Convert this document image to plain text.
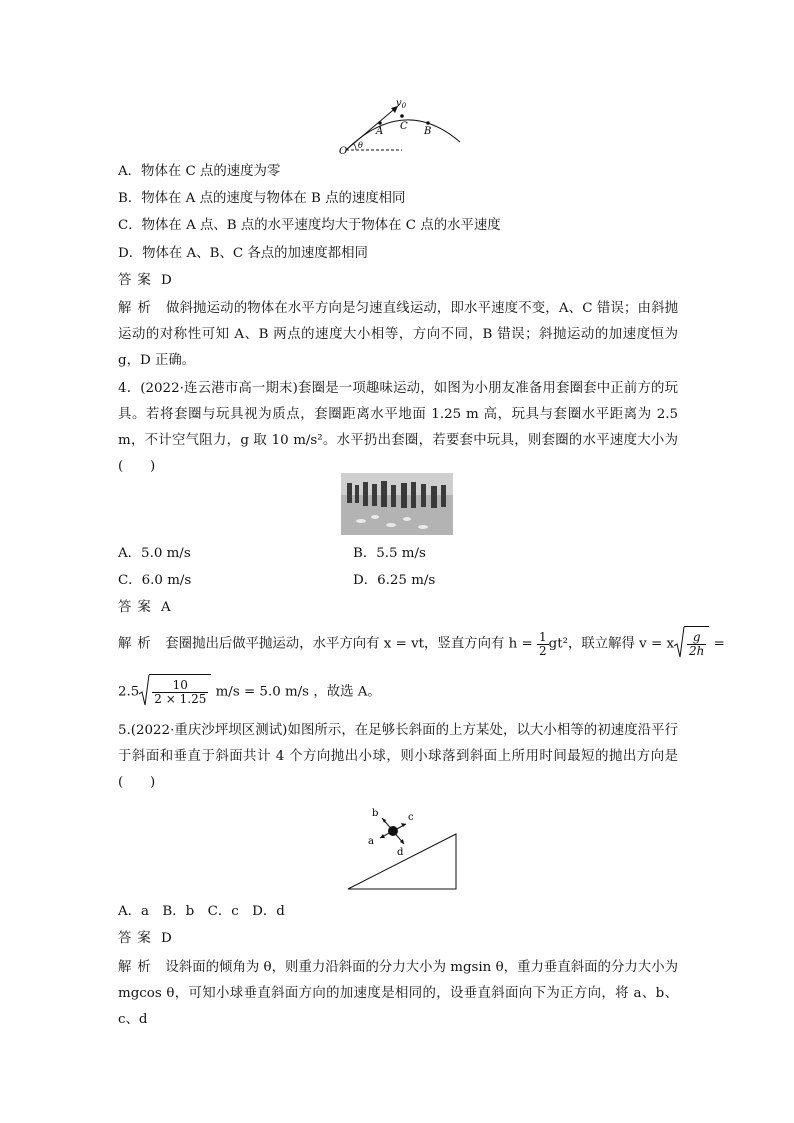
$v_0$
A C B
O
θ
A．物体在 C 点的速度为零
B．物体在 A 点的速度与物体在 B 点的速度相同
C．物体在 A 点、B 点的水平速度均大于物体在 C 点的水平速度
D．物体在 A、B、C 各点的加速度都相同
答案 D
解析 做斜抛运动的物体在水平方向是匀速直线运动，即水平速度不变，A、C 错误；由斜抛运动的对称性可知 A、B 两点的速度大小相等，方向不同，B 错误；斜抛运动的加速度恒为 g，D 正确。
4．(2022·连云港市高一期末)套圈是一项趣味运动，如图为小朋友准备用套圈套中正前方的玩具。若将套圈与玩具视为质点，套圈距离水平地面 1.25 m 高，玩具与套圈水平距离为 2.5 m，不计空气阻力，g 取 10 m/s²。水平扔出套圈，若要套中玩具，则套圈的水平速度大小为(　　)
A．5.0 m/s	B．5.5 m/s
C．6.0 m/s	D．6.25 m/s
答案 A
解析 套圈抛出后做平抛运动，水平方向有 x = vt，竖直方向有 $h = \frac{1}{2} gt^2$，联立解得 v = x $\frac{g}{2h}$ =
$2.5 \frac{10}{2 \times 1.25} m/s = 5.0$ m/s ，故选 A。
5.(2022·重庆沙坪坝区测试)如图所示，在足够长斜面的上方某处，以大小相等的初速度沿平行于斜面和垂直于斜面共计 4 个方向抛出小球，则小球落到斜面上所用时间最短的抛出方向是(　　)
b	c
a
d
A．a　B．b　C．c　D．d
答案 D
解析 设斜面的倾角为 θ，则重力沿斜面的分力大小为 mgsin θ，重力垂直斜面的分力大小为 mgcos θ，可知小球垂直斜面方向的加速度是相同的，设垂直斜面向下为正方向，将 a、b、c、d
